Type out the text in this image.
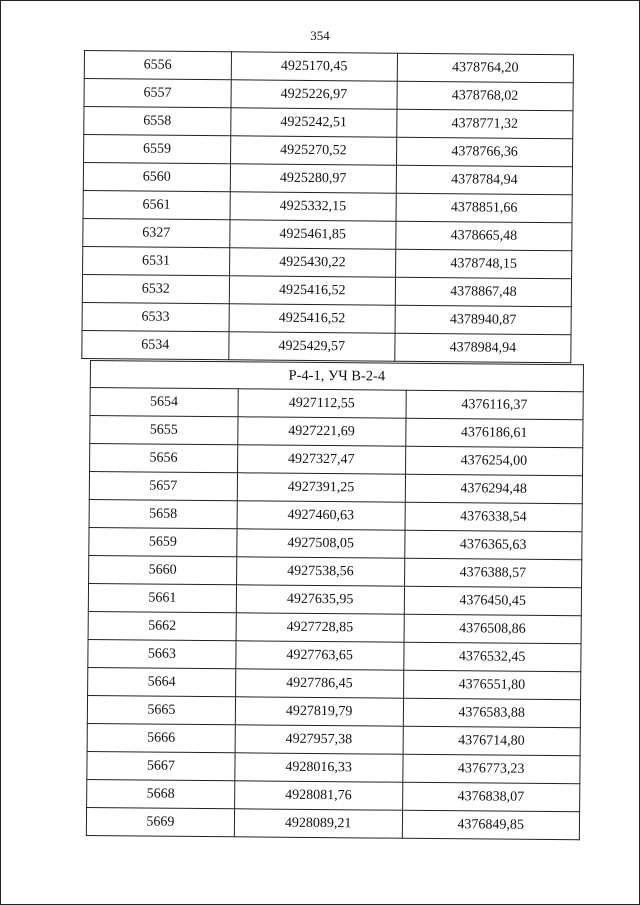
354
6556	4925170,45	4378764,20
6557	4925226,97	4378768,02
6558	4925242,51	4378771,32
6559	4925270,52	4378766,36
6560	4925280,97	4378784,94
6561	4925332,15	4378851,66
6327	4925461,85	4378665,48
6531	4925430,22	4378748,15
6532	4925416,52	4378867,48
6533	4925416,52	4378940,87
6534	4925429,57	4378984,94
Р-4-1, УЧ В-2-4		
5654	4927112,55	4376116,37
5655	4927221,69	4376186,61
5656	4927327,47	4376254,00
5657	4927391,25	4376294,48
5658	4927460,63	4376338,54
5659	4927508,05	4376365,63
5660	4927538,56	4376388,57
5661	4927635,95	4376450,45
5662	4927728,85	4376508,86
5663	4927763,65	4376532,45
5664	4927786,45	4376551,80
5665	4927819,79	4376583,88
5666	4927957,38	4376714,80
5667	4928016,33	4376773,23
5668	4928081,76	4376838,07
5669	4928089,21	4376849,85
